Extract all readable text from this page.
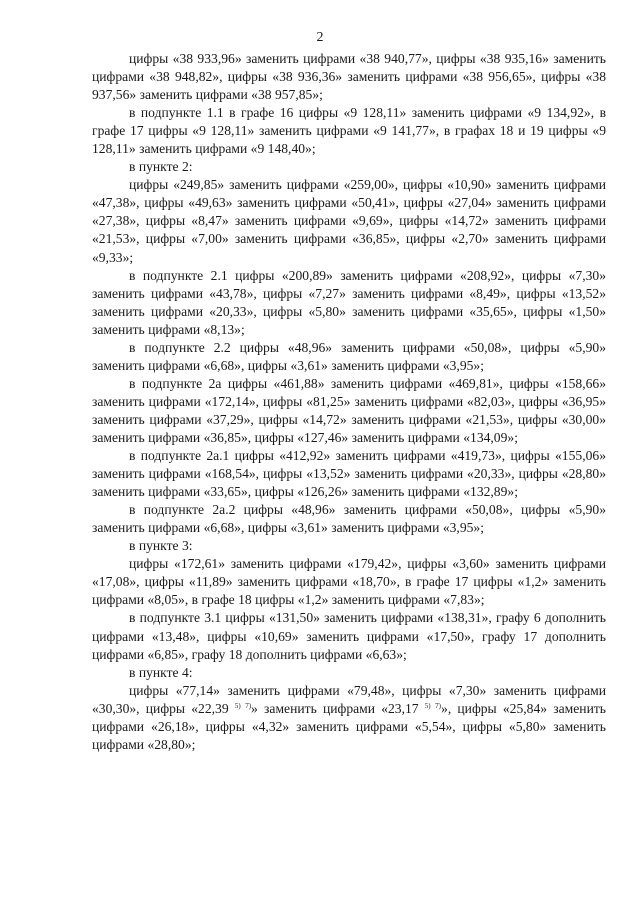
2

цифры «38 933,96» заменить цифрами «38 940,77», цифры «38 935,16» заменить цифрами «38 948,82», цифры «38 936,36» заменить цифрами «38 956,65», цифры «38 937,56» заменить цифрами «38 957,85»;

в подпункте 1.1 в графе 16 цифры «9 128,11» заменить цифрами «9 134,92», в графе 17 цифры «9 128,11» заменить цифрами «9 141,77», в графах 18 и 19 цифры «9 128,11» заменить цифрами «9 148,40»;

в пункте 2:

цифры «249,85» заменить цифрами «259,00», цифры «10,90» заменить цифрами «47,38», цифры «49,63» заменить цифрами «50,41», цифры «27,04» заменить цифрами «27,38», цифры «8,47» заменить цифрами «9,69», цифры «14,72» заменить цифрами «21,53», цифры «7,00» заменить цифрами «36,85», цифры «2,70» заменить цифрами «9,33»;

в подпункте 2.1 цифры «200,89» заменить цифрами «208,92», цифры «7,30» заменить цифрами «43,78», цифры «7,27» заменить цифрами «8,49», цифры «13,52» заменить цифрами «20,33», цифры «5,80» заменить цифрами «35,65», цифры «1,50» заменить цифрами «8,13»;

в подпункте 2.2 цифры «48,96» заменить цифрами «50,08», цифры «5,90» заменить цифрами «6,68», цифры «3,61» заменить цифрами «3,95»;

в подпункте 2а цифры «461,88» заменить цифрами «469,81», цифры «158,66» заменить цифрами «172,14», цифры «81,25» заменить цифрами «82,03», цифры «36,95» заменить цифрами «37,29», цифры «14,72» заменить цифрами «21,53», цифры «30,00» заменить цифрами «36,85», цифры «127,46» заменить цифрами «134,09»;

в подпункте 2а.1 цифры «412,92» заменить цифрами «419,73», цифры «155,06» заменить цифрами «168,54», цифры «13,52» заменить цифрами «20,33», цифры «28,80» заменить цифрами «33,65», цифры «126,26» заменить цифрами «132,89»;

в подпункте 2а.2 цифры «48,96» заменить цифрами «50,08», цифры «5,90» заменить цифрами «6,68», цифры «3,61» заменить цифрами «3,95»;

в пункте 3:

цифры «172,61» заменить цифрами «179,42», цифры «3,60» заменить цифрами «17,08», цифры «11,89» заменить цифрами «18,70», в графе 17 цифры «1,2» заменить цифрами «8,05», в графе 18 цифры «1,2» заменить цифрами «7,83»;

в подпункте 3.1 цифры «131,50» заменить цифрами «138,31», графу 6 дополнить цифрами «13,48», цифры «10,69» заменить цифрами «17,50», графу 17 дополнить цифрами «6,85», графу 18 дополнить цифрами «6,63»;

в пункте 4:

цифры «77,14» заменить цифрами «79,48», цифры «7,30» заменить цифрами «30,30», цифры «22,39 $^{5) 7)}$» заменить цифрами «23,17 $^{5) 7)}$», цифры «25,84» заменить цифрами «26,18», цифры «4,32» заменить цифрами «5,54», цифры «5,80» заменить цифрами «28,80»;
